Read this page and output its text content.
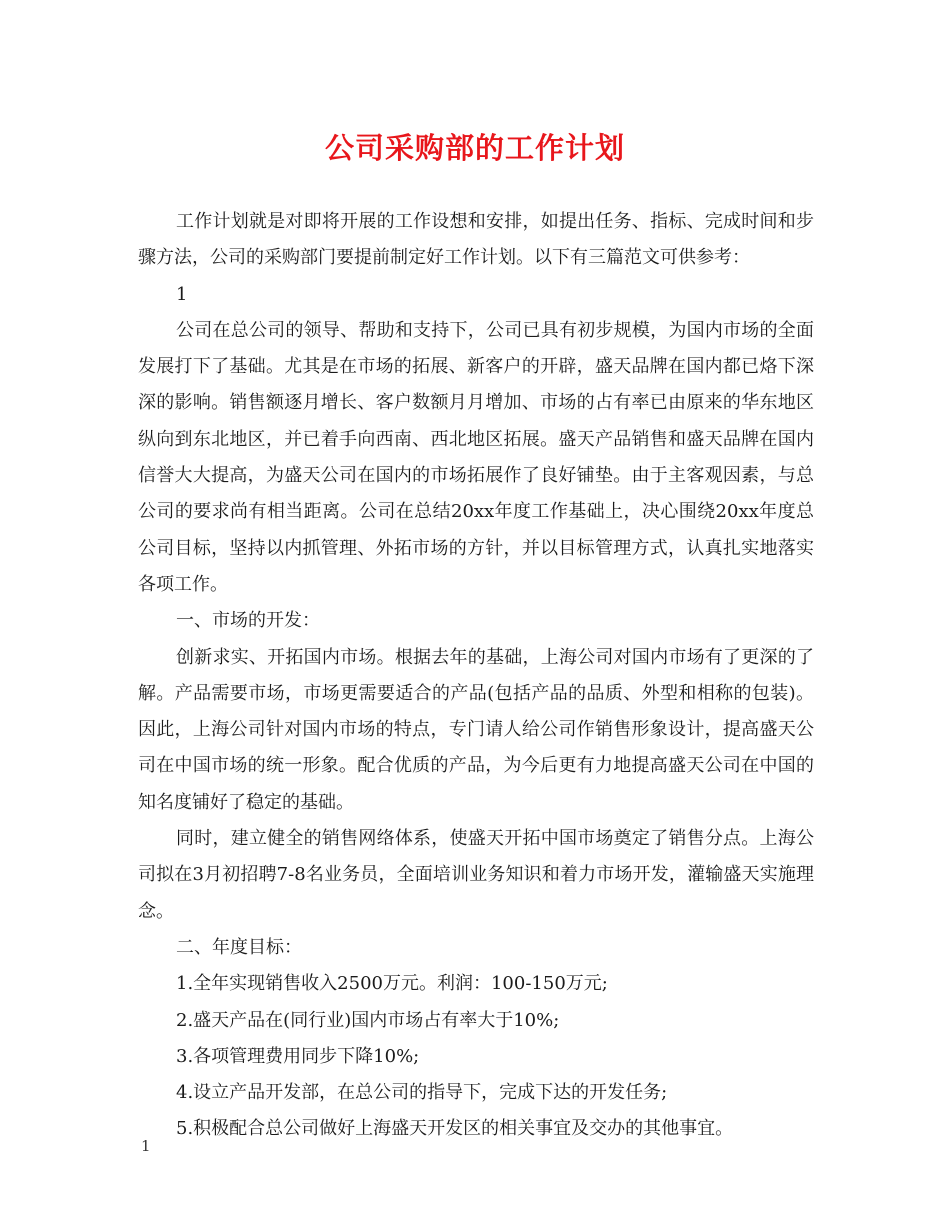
公司采购部的工作计划

工作计划就是对即将开展的工作设想和安排，如提出任务、指标、完成时间和步骤方法，公司的采购部门要提前制定好工作计划。以下有三篇范文可供参考：

1

公司在总公司的领导、帮助和支持下，公司已具有初步规模，为国内市场的全面发展打下了基础。尤其是在市场的拓展、新客户的开辟，盛天品牌在国内都已烙下深深的影响。销售额逐月增长、客户数额月月增加、市场的占有率已由原来的华东地区纵向到东北地区，并已着手向西南、西北地区拓展。盛天产品销售和盛天品牌在国内信誉大大提高，为盛天公司在国内的市场拓展作了良好铺垫。由于主客观因素，与总公司的要求尚有相当距离。公司在总结20xx年度工作基础上，决心围绕20xx年度总公司目标，坚持以内抓管理、外拓市场的方针，并以目标管理方式，认真扎实地落实各项工作。

一、市场的开发：

创新求实、开拓国内市场。根据去年的基础，上海公司对国内市场有了更深的了解。产品需要市场，市场更需要适合的产品(包括产品的品质、外型和相称的包装)。因此，上海公司针对国内市场的特点，专门请人给公司作销售形象设计，提高盛天公司在中国市场的统一形象。配合优质的产品，为今后更有力地提高盛天公司在中国的知名度铺好了稳定的基础。

同时，建立健全的销售网络体系，使盛天开拓中国市场奠定了销售分点。上海公司拟在3月初招聘7-8名业务员，全面培训业务知识和着力市场开发，灌输盛天实施理念。

二、年度目标：

1.全年实现销售收入2500万元。利润：100-150万元;

2.盛天产品在(同行业)国内市场占有率大于10%;

3.各项管理费用同步下降10%;

4.设立产品开发部，在总公司的指导下，完成下达的开发任务;

5.积极配合总公司做好上海盛天开发区的相关事宜及交办的其他事宜。

1
